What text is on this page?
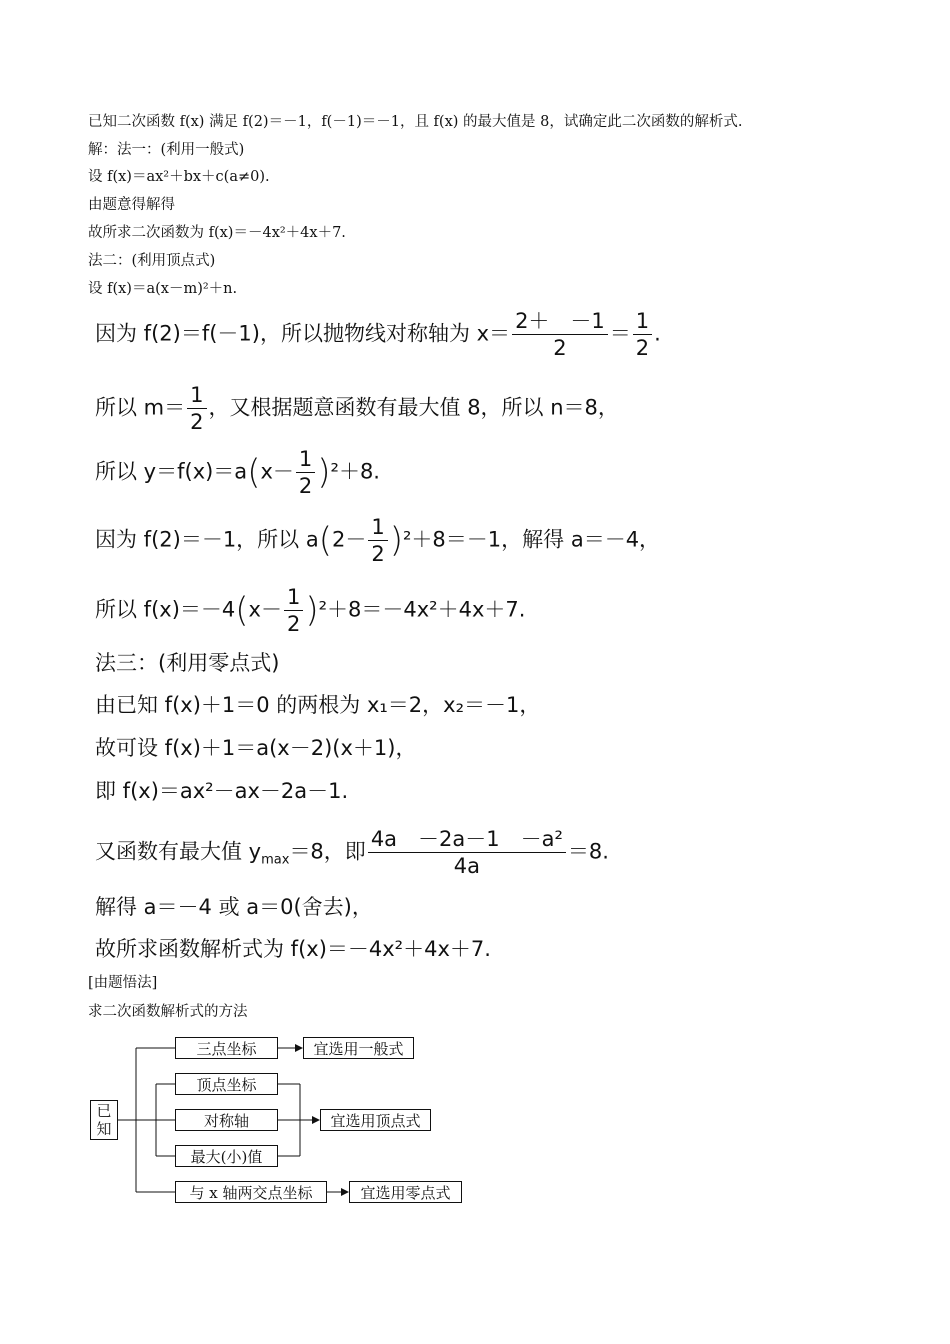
已知二次函数 f(x) 满足 f(2)＝－1，f(－1)＝－1，且 f(x) 的最大值是 8，试确定此二次函数的解析式.
解：法一：(利用一般式)
设 f(x)＝ax²＋bx＋c(a≠0).
由题意得解得
故所求二次函数为 f(x)＝－4x²＋4x＋7.
法二：(利用顶点式)
设 f(x)＝a(x－m)²＋n.
因为 f(2)＝f(－1)，所以抛物线对称轴为 $x= \frac{2+ -1}{2} = \frac{1}{2}$ .
所以 $m= \frac{1}{2}$ ，又根据题意函数有最大值 8，所以 n＝8，
所以 $y=f(x)=a(x- \frac{1}{2} )^2+8$.
因为 f(2)＝－1，所以 $a(2- \frac{1}{2} )^2+8=-1$，解得 a＝－4，
所以 $f(x)=-4(x- \frac{1}{2} )^2+8=-4x^2+4x+7$.
法三：(利用零点式)
由已知 f(x)＋1＝0 的两根为 x₁＝2，x₂＝－1，
故可设 f(x)＋1＝a(x－2)(x＋1)，
即 f(x)＝ax²－ax－2a－1.
又函数有最大值 $y_{max}=8$，即 $\frac{\text{4a　－2a－1　－a²}}{4a} =8$.
解得 a＝－4 或 a＝0(舍去)，
故所求函数解析式为 f(x)＝－4x²＋4x＋7.
[由题悟法]
求二次函数解析式的方法
已知
三点坐标	宜选用一般式
顶点坐标
对称轴
最大(小)值
宜选用顶点式
与 x 轴两交点坐标	宜选用零点式
